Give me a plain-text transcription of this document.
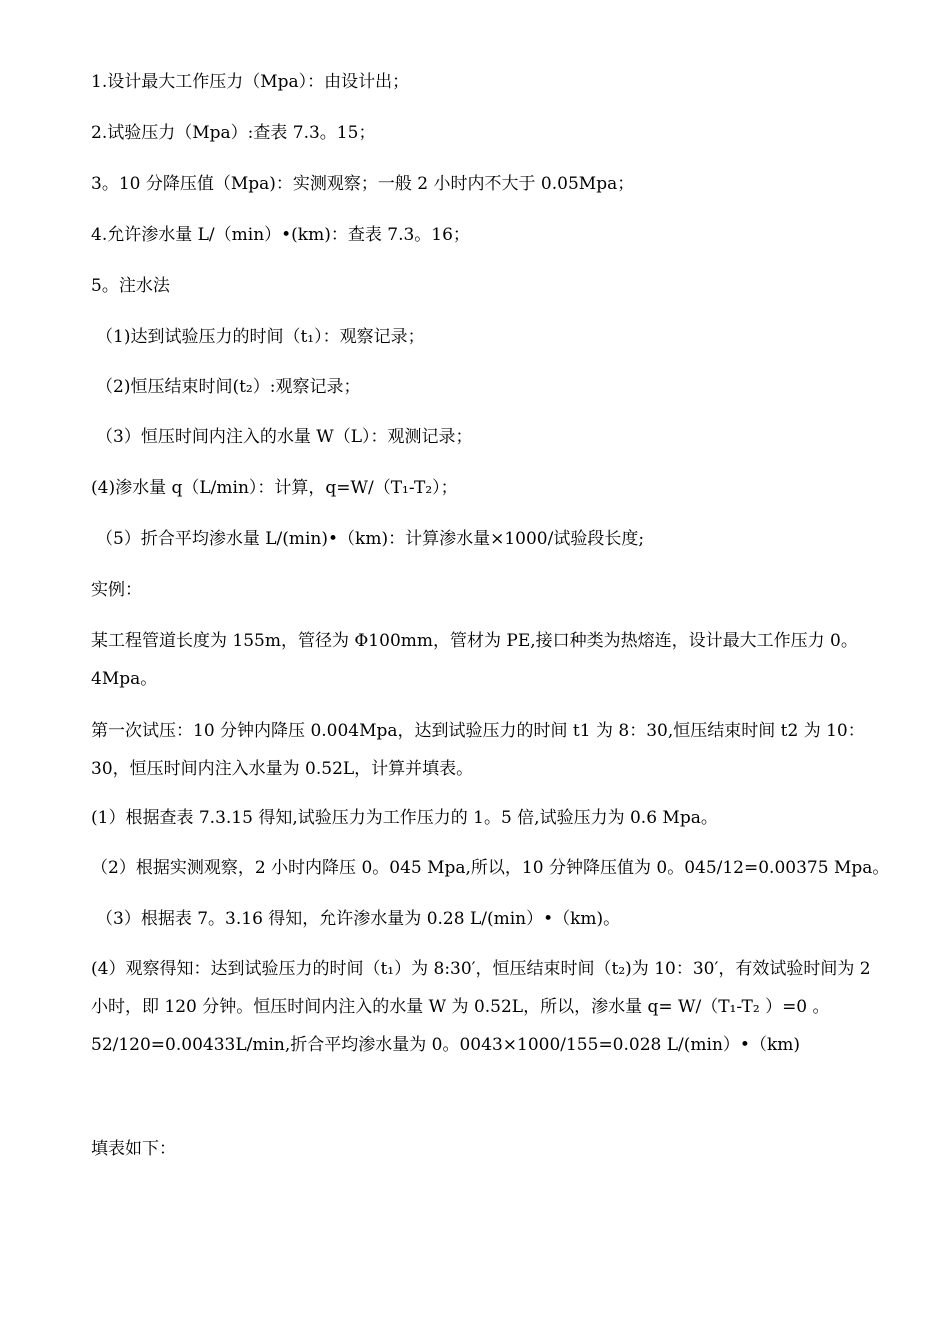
1.设计最大工作压力（Mpa）：由设计出；
2.试验压力（Mpa）:查表 7.3。15；
3。10 分降压值（Mpa)：实测观察；一般 2 小时内不大于 0.05Mpa；
4.允许渗水量 L/（min）•(km)：查表 7.3。16；
5。注水法
（1)达到试验压力的时间（t₁）：观察记录；
（2)恒压结束时间(t₂）:观察记录；
（3）恒压时间内注入的水量 W（L）：观测记录；
(4)渗水量 q（L/min）：计算，q=W/（T₁-T₂）；
（5）折合平均渗水量 L/(min)•（km)：计算渗水量×1000/试验段长度;
实例：
某工程管道长度为 155m，管径为 Φ100mm，管材为 PE,接口种类为热熔连，设计最大工作压力 0。4Mpa。
第一次试压：10 分钟内降压 0.004Mpa，达到试验压力的时间 t1 为 8：30,恒压结束时间 t2 为 10：30，恒压时间内注入水量为 0.52L，计算并填表。
(1）根据查表 7.3.15 得知,试验压力为工作压力的 1。5 倍,试验压力为 0.6 Mpa。
（2）根据实测观察，2 小时内降压 0。045 Mpa,所以，10 分钟降压值为 0。045/12=0.00375 Mpa。
（3）根据表 7。3.16 得知，允许渗水量为 0.28 L/(min）•（km)。
(4）观察得知：达到试验压力的时间（t₁）为 8:30′，恒压结束时间（t₂)为 10：30′，有效试验时间为 2 小时，即 120 分钟。恒压时间内注入的水量 W 为 0.52L，所以，渗水量 q= W/（T₁-T₂ ）=0 。52/120=0.00433L/min,折合平均渗水量为 0。0043×1000/155=0.028 L/(min）•（km)
填表如下：
